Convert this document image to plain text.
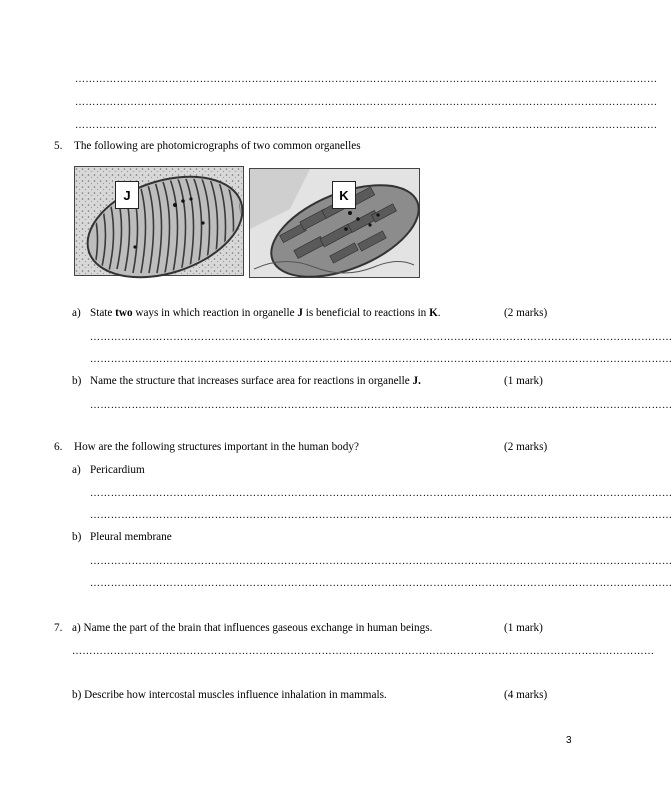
……………………………………………………………………………………………………………………………………………………
……………………………………………………………………………………………………………………………………………………
……………………………………………………………………………………………………………………………………………………
5. The following are photomicrographs of two common organelles
J	K
a) State two ways in which reaction in organelle J is beneficial to reactions in K.	(2 marks)
……………………………………………………………………………………………………………………………………………………
……………………………………………………………………………………………………………………………………………………
b) Name the structure that increases surface area for reactions in organelle J.	(1 mark)
……………………………………………………………………………………………………………………………………………………
6. How are the following structures important in the human body?	(2 marks)
a) Pericardium
……………………………………………………………………………………………………………………………………………………
……………………………………………………………………………………………………………………………………………………
b) Pleural membrane
……………………………………………………………………………………………………………………………………………………
……………………………………………………………………………………………………………………………………………………
7. a) Name the part of the brain that influences gaseous exchange in human beings.	(1 mark)
……………………………………………………………………………………………………………………………………………………
b) Describe how intercostal muscles influence inhalation in mammals.	(4 marks)
3
